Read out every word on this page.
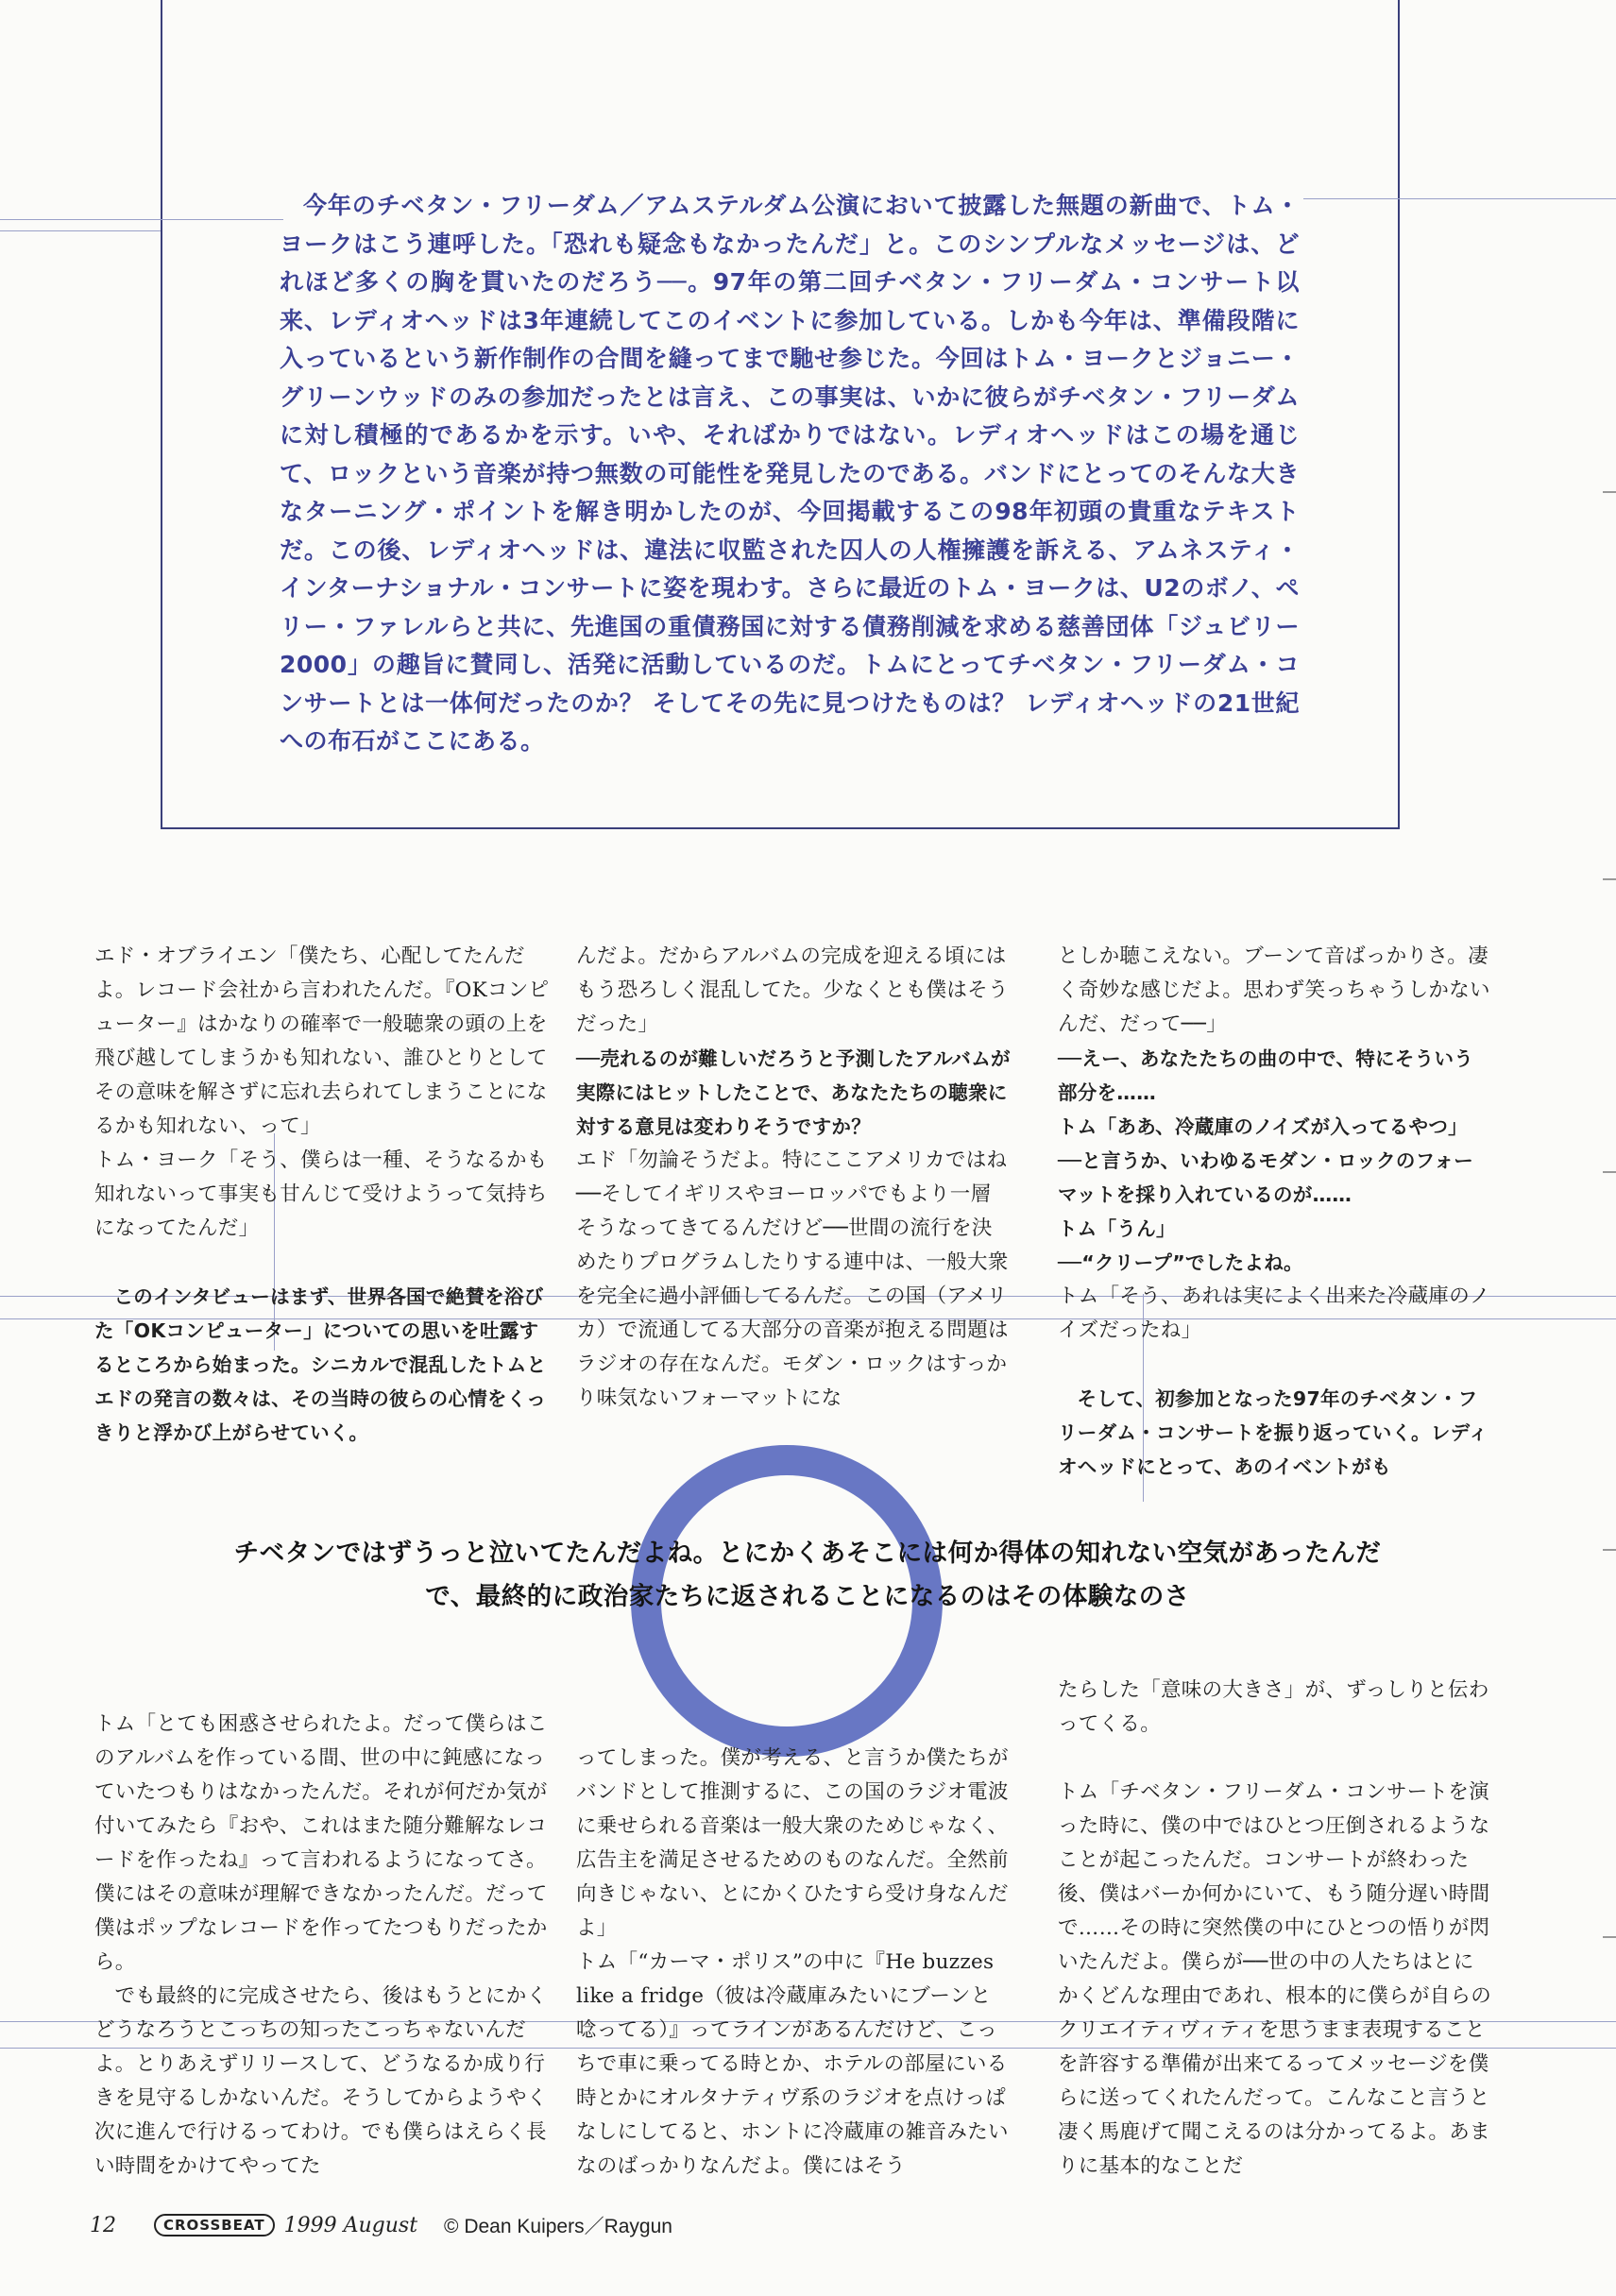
今年のチベタン・フリーダム／アムステルダム公演において披露した無題の新曲で、トム・ヨークはこう連呼した。「恐れも疑念もなかったんだ」と。このシンプルなメッセージは、どれほど多くの胸を貫いたのだろう──。97年の第二回チベタン・フリーダム・コンサート以来、レディオヘッドは3年連続してこのイベントに参加している。しかも今年は、準備段階に入っているという新作制作の合間を縫ってまで馳せ参じた。今回はトム・ヨークとジョニー・グリーンウッドのみの参加だったとは言え、この事実は、いかに彼らがチベタン・フリーダムに対し積極的であるかを示す。いや、そればかりではない。レディオヘッドはこの場を通じて、ロックという音楽が持つ無数の可能性を発見したのである。バンドにとってのそんな大きなターニング・ポイントを解き明かしたのが、今回掲載するこの98年初頭の貴重なテキストだ。この後、レディオヘッドは、違法に収監された囚人の人権擁護を訴える、アムネスティ・インターナショナル・コンサートに姿を現わす。さらに最近のトム・ヨークは、U2のボノ、ペリー・ファレルらと共に、先進国の重債務国に対する債務削減を求める慈善団体「ジュビリー2000」の趣旨に賛同し、活発に活動しているのだ。トムにとってチベタン・フリーダム・コンサートとは一体何だったのか？ そしてその先に見つけたものは？ レディオヘッドの21世紀への布石がここにある。

エド・オブライエン「僕たち、心配してたんだよ。レコード会社から言われたんだ。『OKコンピューター』はかなりの確率で一般聴衆の頭の上を飛び越してしまうかも知れない、誰ひとりとしてその意味を解さずに忘れ去られてしまうことになるかも知れない、って」

トム・ヨーク「そう、僕らは一種、そうなるかも知れないって事実も甘んじて受けようって気持ちになってたんだ」

このインタビューはまず、世界各国で絶賛を浴びた「OKコンピューター」についての思いを吐露するところから始まった。シニカルで混乱したトムとエドの発言の数々は、その当時の彼らの心情をくっきりと浮かび上がらせていく。

んだよ。だからアルバムの完成を迎える頃にはもう恐ろしく混乱してた。少なくとも僕はそうだった」

──売れるのが難しいだろうと予測したアルバムが実際にはヒットしたことで、あなたたちの聴衆に対する意見は変わりそうですか？

エド「勿論そうだよ。特にここアメリカではね──そしてイギリスやヨーロッパでもより一層そうなってきてるんだけど──世間の流行を決めたりプログラムしたりする連中は、一般大衆を完全に過小評価してるんだ。この国（アメリカ）で流通してる大部分の音楽が抱える問題はラジオの存在なんだ。モダン・ロックはすっかり味気ないフォーマットにな

としか聴こえない。ブーンて音ばっかりさ。凄く奇妙な感じだよ。思わず笑っちゃうしかないんだ、だって──」

──えー、あなたたちの曲の中で、特にそういう部分を……

トム「ああ、冷蔵庫のノイズが入ってるやつ」

──と言うか、いわゆるモダン・ロックのフォーマットを採り入れているのが……

トム「うん」

──“クリープ”でしたよね。

トム「そう、あれは実によく出来た冷蔵庫のノイズだったね」

そして、初参加となった97年のチベタン・フリーダム・コンサートを振り返っていく。レディオヘッドにとって、あのイベントがも

チベタンではずうっと泣いてたんだよね。とにかくあそこには何か得体の知れない空気があったんだ
で、最終的に政治家たちに返されることになるのはその体験なのさ

トム「とても困惑させられたよ。だって僕らはこのアルバムを作っている間、世の中に鈍感になっていたつもりはなかったんだ。それが何だか気が付いてみたら『おや、これはまた随分難解なレコードを作ったね』って言われるようになってさ。僕にはその意味が理解できなかったんだ。だって僕はポップなレコードを作ってたつもりだったから。

でも最終的に完成させたら、後はもうとにかくどうなろうとこっちの知ったこっちゃないんだよ。とりあえずリリースして、どうなるか成り行きを見守るしかないんだ。そうしてからようやく次に進んで行けるってわけ。でも僕らはえらく長い時間をかけてやってた

ってしまった。僕が考える、と言うか僕たちがバンドとして推測するに、この国のラジオ電波に乗せられる音楽は一般大衆のためじゃなく、広告主を満足させるためのものなんだ。全然前向きじゃない、とにかくひたすら受け身なんだよ」

トム「“カーマ・ポリス”の中に『He buzzes like a fridge（彼は冷蔵庫みたいにブーンと唸ってる）』ってラインがあるんだけど、こっちで車に乗ってる時とか、ホテルの部屋にいる時とかにオルタナティヴ系のラジオを点けっぱなしにしてると、ホントに冷蔵庫の雑音みたいなのばっかりなんだよ。僕にはそう

たらした「意味の大きさ」が、ずっしりと伝わってくる。

トム「チベタン・フリーダム・コンサートを演った時に、僕の中ではひとつ圧倒されるようなことが起こったんだ。コンサートが終わった後、僕はバーか何かにいて、もう随分遅い時間で……その時に突然僕の中にひとつの悟りが閃いたんだよ。僕らが──世の中の人たちはとにかくどんな理由であれ、根本的に僕らが自らのクリエイティヴィティを思うまま表現することを許容する準備が出来てるってメッセージを僕らに送ってくれたんだって。こんなこと言うと凄く馬鹿げて聞こえるのは分かってるよ。あまりに基本的なことだ

12	CROSSBEAT 1999 August © Dean Kuipers／Raygun
